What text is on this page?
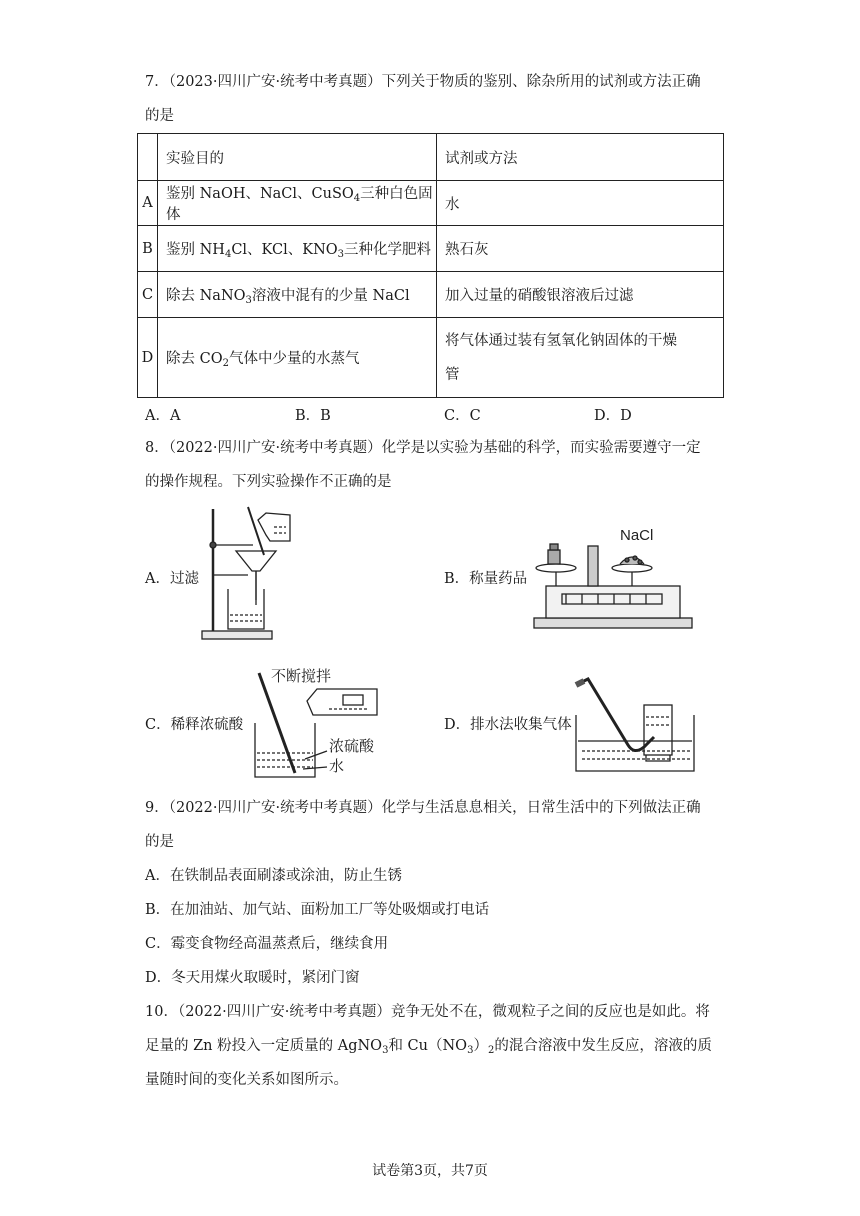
7．（2023·四川广安·统考中考真题）下列关于物质的鉴别、除杂所用的试剂或方法正确
的是
	实验目的	试剂或方法
A	鉴别 NaOH、NaCl、CuSO$_4$三种白色固体	水
B	鉴别 $NH_4Cl$、KCl、$KNO_3$三种化学肥料	熟石灰
C	除去 NaNO$_3$溶液中混有的少量 NaCl	加入过量的硝酸银溶液后过滤
D	除去 $CO_2$气体中少量的水蒸气	将气体通过装有氢氧化钠固体的干燥
管
A．A	B．B	C．C	D．D
8．（2022·四川广安·统考中考真题）化学是以实验为基础的科学，而实验需要遵守一定
的操作规程。下列实验操作不正确的是
A．过滤	B．称量药品
C．稀释浓硫酸	D．排水法收集气体
NaCl
不断搅拌
浓硫酸
水
9．（2022·四川广安·统考中考真题）化学与生活息息相关，日常生活中的下列做法正确
的是
A．在铁制品表面刷漆或涂油，防止生锈
B．在加油站、加气站、面粉加工厂等处吸烟或打电话
C．霉变食物经高温蒸煮后，继续食用
D．冬天用煤火取暖时，紧闭门窗
10．（2022·四川广安·统考中考真题）竞争无处不在，微观粒子之间的反应也是如此。将
足量的 Zn 粉投入一定质量的 AgNO$_3$和 $Cu(NO_3)_2$的混合溶液中发生反应，溶液的质
量随时间的变化关系如图所示。
试卷第3页，共7页
